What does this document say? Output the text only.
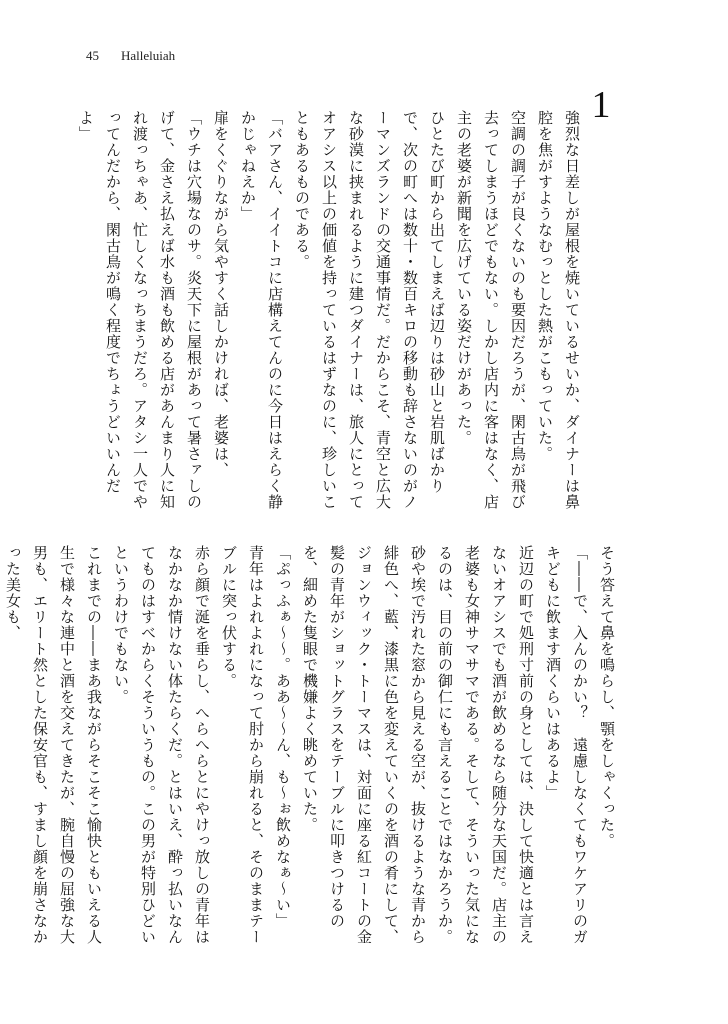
45 Halleluiah
1

強烈な日差しが屋根を焼いているせいか、ダイナーは鼻腔を焦がすようなむっとした熱がこもっていた。

空調の調子が良くないのも要因だろうが、閑古鳥が飛び去ってしまうほどでもない。しかし店内に客はなく、店主の老婆が新聞を広げている姿だけがあった。

ひとたび町から出てしまえば辺りは砂山と岩肌ばかりで、次の町へは数十・数百キロの移動も辞さないのがノーマンズランドの交通事情だ。だからこそ、青空と広大な砂漠に挟まれるように建つダイナーは、旅人にとってオアシス以上の価値を持っているはずなのに、珍しいこともあるものである。

「バアさん、イイトコに店構えてんのに今日はえらく静かじゃねえか」

扉をくぐりながら気やすく話しかければ、老婆は、

「ウチは穴場なのサ。炎天下に屋根があって暑さァしのげて、金さえ払えば水も酒も飲める店があんまり人に知れ渡っちゃあ、忙しくなっちまうだろ。アタシ一人でやってんだから、閑古鳥が鳴く程度でちょうどいいんだよ」

そう答えて鼻を鳴らし、顎をしゃくった。

「――で、入んのかい？　遠慮しなくてもワケアリのガキどもに飲ます酒くらいはあるよ」

近辺の町で処刑寸前の身としては、決して快適とは言えないオアシスでも酒が飲めるなら随分な天国だ。店主の老婆も女神サマサマである。そして、そういった気になるのは、目の前の御仁にも言えることではなかろうか。

砂や埃で汚れた窓から見える空が、抜けるような青から緋色へ、藍、漆黒に色を変えていくのを酒の肴にして、ジョンウィック・トーマスは、対面に座る紅コートの金髪の青年がショットグラスをテーブルに叩きつけるのを、細めた隻眼で機嫌よく眺めていた。

「ぷっふぁ～～。ああ～～ん、も～ぉ飲めなぁ～い」

青年はよれよれになって肘から崩れると、そのままテーブルに突っ伏する。

赤ら顔で涎を垂らし、へらへらとにやけっ放しの青年はなかなか情けない体たらくだ。とはいえ、酔っ払いなんてものはすべからくそういうもの。この男が特別ひどいというわけでもない。

これまでの――まあ我ながらそこそこ愉快ともいえる人生で様々な連中と酒を交えてきたが、腕自慢の屈強な大男も、エリート然とした保安官も、すまし顔を崩さなかった美女も、
